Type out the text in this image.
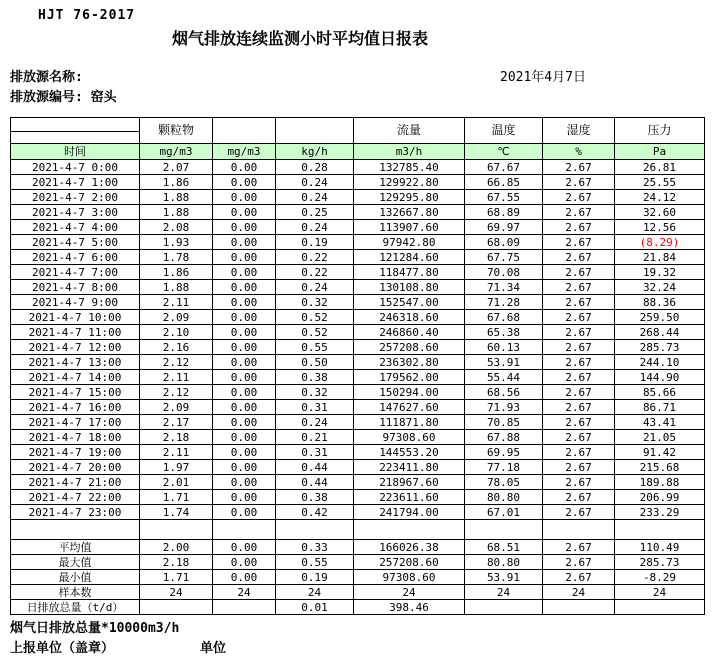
HJT 76-2017
烟气排放连续监测小时平均值日报表
排放源名称:	2021年4月7日
排放源编号: 窑头
	颗粒物			流量	温度	湿度	压力
时间	mg/m3	mg/m3	kg/h	m3/h	℃	%	Pa
2021-4-7 0:00	2.07	0.00	0.28	132785.40	67.67	2.67	26.81
2021-4-7 1:00	1.86	0.00	0.24	129922.80	66.85	2.67	25.55
2021-4-7 2:00	1.88	0.00	0.24	129295.80	67.55	2.67	24.12
2021-4-7 3:00	1.88	0.00	0.25	132667.80	68.89	2.67	32.60
2021-4-7 4:00	2.08	0.00	0.24	113907.60	69.97	2.67	12.56
2021-4-7 5:00	1.93	0.00	0.19	97942.80	68.09	2.67	(8.29)
2021-4-7 6:00	1.78	0.00	0.22	121284.60	67.75	2.67	21.84
2021-4-7 7:00	1.86	0.00	0.22	118477.80	70.08	2.67	19.32
2021-4-7 8:00	1.88	0.00	0.24	130108.80	71.34	2.67	32.24
2021-4-7 9:00	2.11	0.00	0.32	152547.00	71.28	2.67	88.36
2021-4-7 10:00	2.09	0.00	0.52	246318.60	67.68	2.67	259.50
2021-4-7 11:00	2.10	0.00	0.52	246860.40	65.38	2.67	268.44
2021-4-7 12:00	2.16	0.00	0.55	257208.60	60.13	2.67	285.73
2021-4-7 13:00	2.12	0.00	0.50	236302.80	53.91	2.67	244.10
2021-4-7 14:00	2.11	0.00	0.38	179562.00	55.44	2.67	144.90
2021-4-7 15:00	2.12	0.00	0.32	150294.00	68.56	2.67	85.66
2021-4-7 16:00	2.09	0.00	0.31	147627.60	71.93	2.67	86.71
2021-4-7 17:00	2.17	0.00	0.24	111871.80	70.85	2.67	43.41
2021-4-7 18:00	2.18	0.00	0.21	97308.60	67.88	2.67	21.05
2021-4-7 19:00	2.11	0.00	0.31	144553.20	69.95	2.67	91.42
2021-4-7 20:00	1.97	0.00	0.44	223411.80	77.18	2.67	215.68
2021-4-7 21:00	2.01	0.00	0.44	218967.60	78.05	2.67	189.88
2021-4-7 22:00	1.71	0.00	0.38	223611.60	80.80	2.67	206.99
2021-4-7 23:00	1.74	0.00	0.42	241794.00	67.01	2.67	233.29

平均值	2.00	0.00	0.33	166026.38	68.51	2.67	110.49
最大值	2.18	0.00	0.55	257208.60	80.80	2.67	285.73
最小值	1.71	0.00	0.19	97308.60	53.91	2.67	-8.29
样本数	24	24	24	24	24	24	24
日排放总量（t/d）			0.01	398.46			
烟气日排放总量*10000m3/h
上报单位（盖章）	单位
